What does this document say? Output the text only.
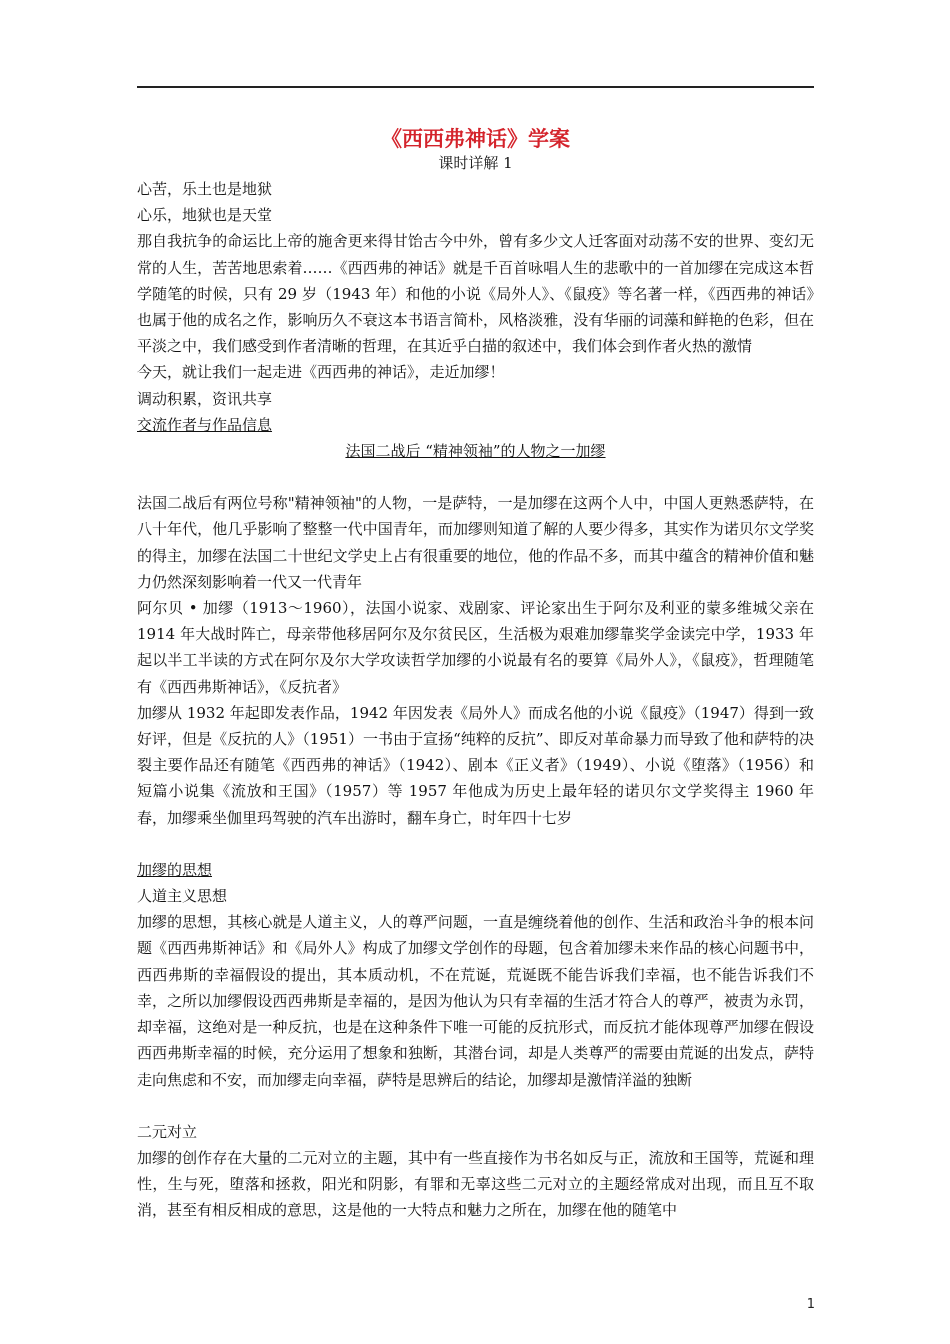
《西西弗神话》学案
课时详解 1

心苦，乐土也是地狱

心乐，地狱也是天堂

那自我抗争的命运比上帝的施舍更来得甘饴古今中外，曾有多少文人迁客面对动荡不安的世界、变幻无常的人生，苦苦地思索着……《西西弗的神话》就是千百首咏唱人生的悲歌中的一首加缪在完成这本哲学随笔的时候，只有 29 岁（1943 年）和他的小说《局外人》、《鼠疫》等名著一样，《西西弗的神话》也属于他的成名之作，影响历久不衰这本书语言简朴，风格淡雅，没有华丽的词藻和鲜艳的色彩，但在平淡之中，我们感受到作者清晰的哲理，在其近乎白描的叙述中，我们体会到作者火热的激情

今天，就让我们一起走进《西西弗的神话》，走近加缪！

调动积累，资讯共享

交流作者与作品信息

法国二战后 “精神领袖”的人物之一加缪

法国二战后有两位号称"精神领袖"的人物，一是萨特，一是加缪在这两个人中，中国人更熟悉萨特，在八十年代，他几乎影响了整整一代中国青年，而加缪则知道了解的人要少得多，其实作为诺贝尔文学奖的得主，加缪在法国二十世纪文学史上占有很重要的地位，他的作品不多，而其中蕴含的精神价值和魅力仍然深刻影响着一代又一代青年

阿尔贝 • 加缪（1913～1960），法国小说家、戏剧家、评论家出生于阿尔及利亚的蒙多维城父亲在 1914 年大战时阵亡，母亲带他移居阿尔及尔贫民区，生活极为艰难加缪靠奖学金读完中学，1933 年起以半工半读的方式在阿尔及尔大学攻读哲学加缪的小说最有名的要算《局外人》，《鼠疫》，哲理随笔有《西西弗斯神话》，《反抗者》

加缪从 1932 年起即发表作品，1942 年因发表《局外人》而成名他的小说《鼠疫》（1947）得到一致好评，但是《反抗的人》（1951）一书由于宣扬“纯粹的反抗”、即反对革命暴力而导致了他和萨特的决裂主要作品还有随笔《西西弗的神话》（1942）、剧本《正义者》（1949）、小说《堕落》（1956）和短篇小说集《流放和王国》（1957）等 1957 年他成为历史上最年轻的诺贝尔文学奖得主 1960 年春，加缪乘坐伽里玛驾驶的汽车出游时，翻车身亡，时年四十七岁

加缪的思想

人道主义思想

加缪的思想，其核心就是人道主义，人的尊严问题，一直是缠绕着他的创作、生活和政治斗争的根本问题《西西弗斯神话》和《局外人》构成了加缪文学创作的母题，包含着加缪未来作品的核心问题书中，西西弗斯的幸福假设的提出，其本质动机，不在荒诞，荒诞既不能告诉我们幸福，也不能告诉我们不幸，之所以加缪假设西西弗斯是幸福的，是因为他认为只有幸福的生活才符合人的尊严，被责为永罚，却幸福，这绝对是一种反抗，也是在这种条件下唯一可能的反抗形式，而反抗才能体现尊严加缪在假设西西弗斯幸福的时候，充分运用了想象和独断，其潜台词，却是人类尊严的需要由荒诞的出发点，萨特走向焦虑和不安，而加缪走向幸福，萨特是思辨后的结论，加缪却是激情洋溢的独断

二元对立

加缪的创作存在大量的二元对立的主题，其中有一些直接作为书名如反与正，流放和王国等，荒诞和理性，生与死，堕落和拯救，阳光和阴影，有罪和无辜这些二元对立的主题经常成对出现，而且互不取消，甚至有相反相成的意思，这是他的一大特点和魅力之所在，加缪在他的随笔中

1
